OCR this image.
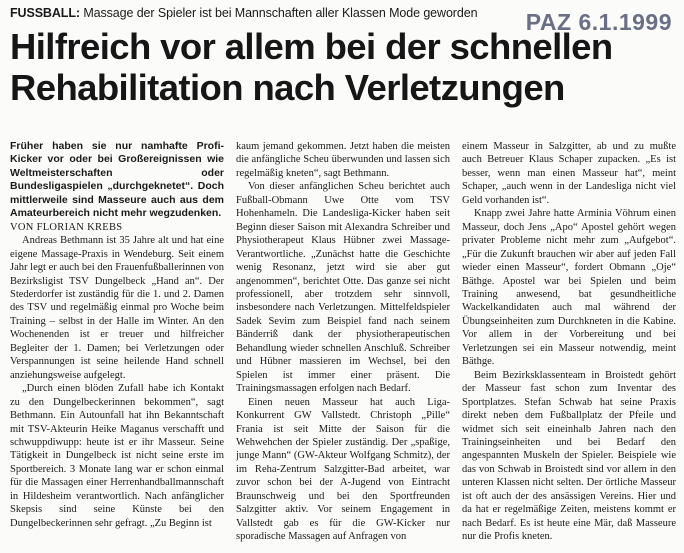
FUSSBALL: Massage der Spieler ist bei Mannschaften aller Klassen Mode geworden	PAZ 6.1.1999
Hilfreich vor allem bei der schnellen
Rehabilitation nach Verletzungen

Früher haben sie nur namhafte Profi-Kicker vor oder bei Großereignissen wie Weltmeisterschaften oder Bundesligaspielen „durchgeknetet“. Doch mittlerweile sind Masseure auch aus dem Amateurbereich nicht mehr wegzudenken.

VON FLORIAN KREBS

Andreas Bethmann ist 35 Jahre alt und hat eine eigene Massage-Praxis in Wendeburg. Seit einem Jahr legt er auch bei den Frauenfußballerinnen von Bezirksligist TSV Dungelbeck „Hand an“. Der Stederdorfer ist zuständig für die 1. und 2. Damen des TSV und regelmäßig einmal pro Woche beim Training – selbst in der Halle im Winter. An den Wochenenden ist er treuer und hilfreicher Begleiter der 1. Damen; bei Verletzungen oder Verspannungen ist seine heilende Hand schnell anziehungsweise aufgelegt.

„Durch einen blöden Zufall habe ich Kontakt zu den Dungelbeckerinnen bekommen“, sagt Bethmann. Ein Autounfall hat ihn Bekanntschaft mit TSV-Akteurin Heike Maganus verschafft und schwuppdiwupp: heute ist er ihr Masseur. Seine Tätigkeit in Dungelbeck ist nicht seine erste im Sportbereich. 3 Monate lang war er schon einmal für die Massagen einer Herrenhandballmannschaft in Hildesheim verantwortlich. Nach anfänglicher Skepsis sind seine Künste bei den Dungelbeckerinnen sehr gefragt. „Zu Beginn ist

kaum jemand gekommen. Jetzt haben die meisten die anfängliche Scheu überwunden und lassen sich regelmäßig kneten“, sagt Bethmann.

Von dieser anfänglichen Scheu berichtet auch Fußball-Obmann Uwe Otte vom TSV Hohenhameln. Die Landesliga-Kicker haben seit Beginn dieser Saison mit Alexandra Schreiber und Physiotherapeut Klaus Hübner zwei Massage-Verantwortliche. „Zunächst hatte die Geschichte wenig Resonanz, jetzt wird sie aber gut angenommen“, berichtet Otte. Das ganze sei nicht professionell, aber trotzdem sehr sinnvoll, insbesondere nach Verletzungen. Mittelfeldspieler Sadek Sevim zum Beispiel fand nach seinem Bänderriß dank der physiotherapeutischen Behandlung wieder schnellen Anschluß. Schreiber und Hübner massieren im Wechsel, bei den Spielen ist immer einer präsent. Die Trainingsmassagen erfolgen nach Bedarf.

Einen neuen Masseur hat auch Liga-Konkurrent GW Vallstedt. Christoph „Pille“ Frania ist seit Mitte der Saison für die Wehwehchen der Spieler zuständig. Der „spaßige, junge Mann“ (GW-Akteur Wolfgang Schmitz), der im Reha-Zentrum Salzgitter-Bad arbeitet, war zuvor schon bei der A-Jugend von Eintracht Braunschweig und bei den Sportfreunden Salzgitter aktiv. Vor seinem Engagement in Vallstedt gab es für die GW-Kicker nur sporadische Massagen auf Anfragen von

einem Masseur in Salzgitter, ab und zu mußte auch Betreuer Klaus Schaper zupacken. „Es ist besser, wenn man einen Masseur hat“, meint Schaper, „auch wenn in der Landesliga nicht viel Geld vorhanden ist“.

Knapp zwei Jahre hatte Arminia Vöhrum einen Masseur, doch Jens „Apo“ Apostel gehört wegen privater Probleme nicht mehr zum „Aufgebot“. „Für die Zukunft brauchen wir aber auf jeden Fall wieder einen Masseur“, fordert Obmann „Oje“ Bäthge. Apostel war bei Spielen und beim Training anwesend, bat gesundheitliche Wackelkandidaten auch mal während der Übungseinheiten zum Durchkneten in die Kabine. Vor allem in der Vorbereitung und bei Verletzungen sei ein Masseur notwendig, meint Bäthge.

Beim Bezirksklassenteam in Broistedt gehört der Masseur fast schon zum Inventar des Sportplatzes. Stefan Schwab hat seine Praxis direkt neben dem Fußballplatz der Pfeile und widmet sich seit eineinhalb Jahren nach den Trainingseinheiten und bei Bedarf den angespannten Muskeln der Spieler. Beispiele wie das von Schwab in Broistedt sind vor allem in den unteren Klassen nicht selten. Der örtliche Masseur ist oft auch der des ansässigen Vereins. Hier und da hat er regelmäßige Zeiten, meistens kommt er nach Bedarf. Es ist heute eine Mär, daß Masseure nur die Profis kneten.
